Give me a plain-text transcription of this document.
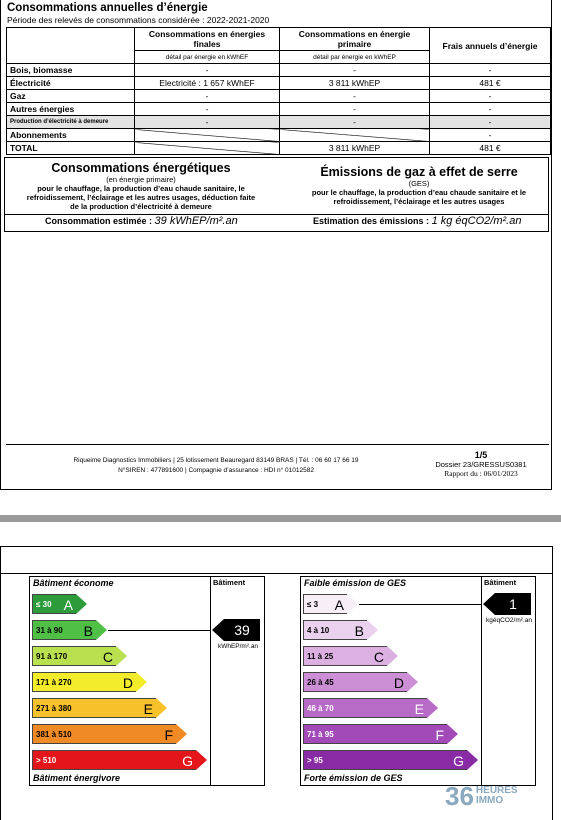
Consommations annuelles d’énergie
Période des relevés de consommations considérée : 2022-2021-2020
	Consommations en énergies finales	Consommations en énergie primaire	Frais annuels d’énergie
	détail par énergie en kWhEF	détail par énergie en kWhEP	
Bois, biomasse	-	-	-
Électricité	Electricité : 1 657 kWhEF	3 811 kWhEP	481 €
Gaz	-	-	-
Autres énergies	-	-	-
Production d’électricité à demeure	-	-	-
Abonnements			-
TOTAL		3 811 kWhEP	481 €
Consommations énergétiques
(en énergie primaire)
pour le chauffage, la production d’eau chaude sanitaire, le refroidissement, l’éclairage et les autres usages, déduction faite de la production d’électricité à demeure
Émissions de gaz à effet de serre
(GES)
pour le chauffage, la production d’eau chaude sanitaire et le refroidissement, l’éclairage et les autres usages
Consommation estimée : 39 kWhEP/m².an	Estimation des émissions : 1 kg éqCO2/m².an
Riqueime Diagnostics Immobiliers | 25 lotissement Beauregard 83149 BRAS | Tél. : 06 60 17 66 19
N°SIREN : 477891600 | Compagnie d’assurance : HDI n° 01012582
1/5
Dossier 23/GRESSUS0381
Rapport du : 06/01/2023
Bâtiment économe	Bâtiment
≤ 30 A
31 à 90 B
91 à 170	C
171 à 270	D
271 à 380	E
381 à 510	F
> 510	G
39
kWhEP/m².an
Bâtiment énergivore
Faible émission de GES	Bâtiment
≤ 3 A
4 à 10 B
11 à 25	C
26 à 45	D
46 à 70	E
71 à 95	F
> 95	G
1
kgéqCO2/m².an
Forte émission de GES
36 HEURES
IMMO
